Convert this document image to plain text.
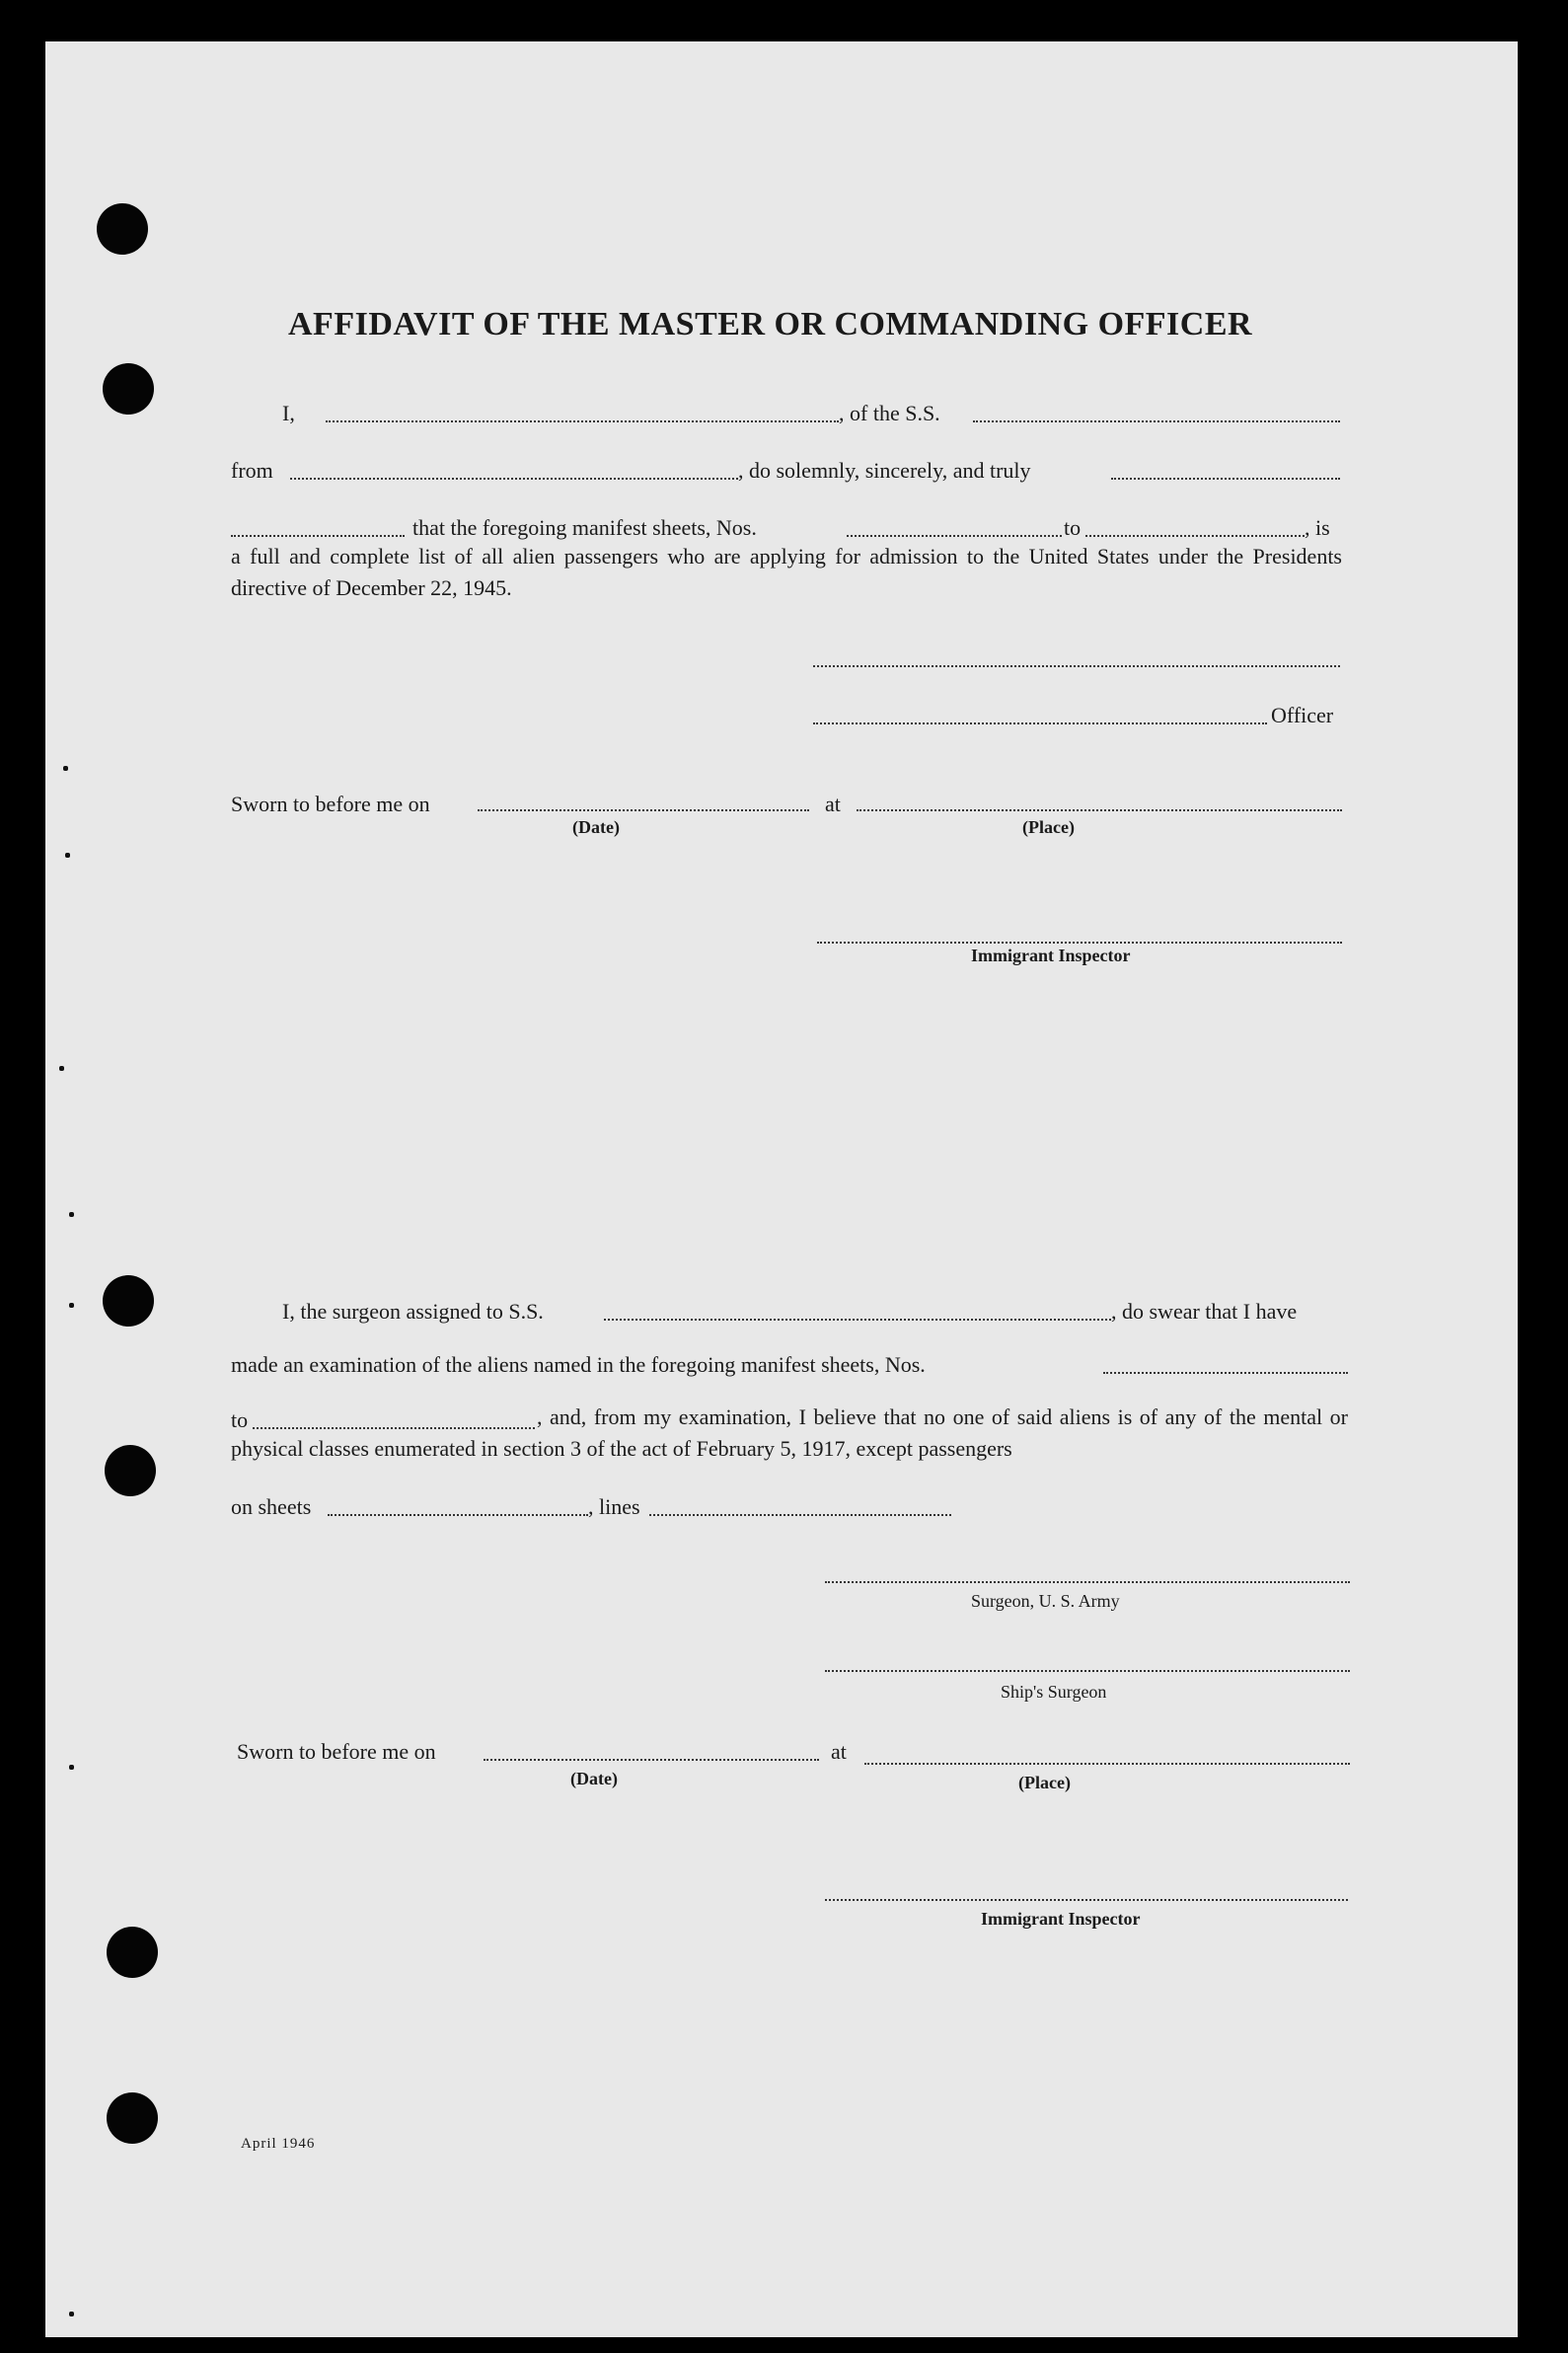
AFFIDAVIT OF THE MASTER OR COMMANDING OFFICER
I,	, of the S.S.
from	, do solemnly, sincerely, and truly
that the foregoing manifest sheets, Nos.	to	, is
a full and complete list of all alien passengers who are applying for admission to the United States under the Presidents directive of December 22, 1945.
Officer
Sworn to before me on	at
(Date)	(Place)
Immigrant Inspector
I, the surgeon assigned to S.S.	, do swear that I have
made an examination of the aliens named in the foregoing manifest sheets, Nos.
to	, and, from my examination, I believe that no one of said aliens is of any of the mental or physical classes enumerated in section 3 of the act of February 5, 1917, except passengers
on sheets	, lines
Surgeon, U. S. Army
Ship's Surgeon
Sworn to before me on	at
(Date)	(Place)
Immigrant Inspector
April 1946
